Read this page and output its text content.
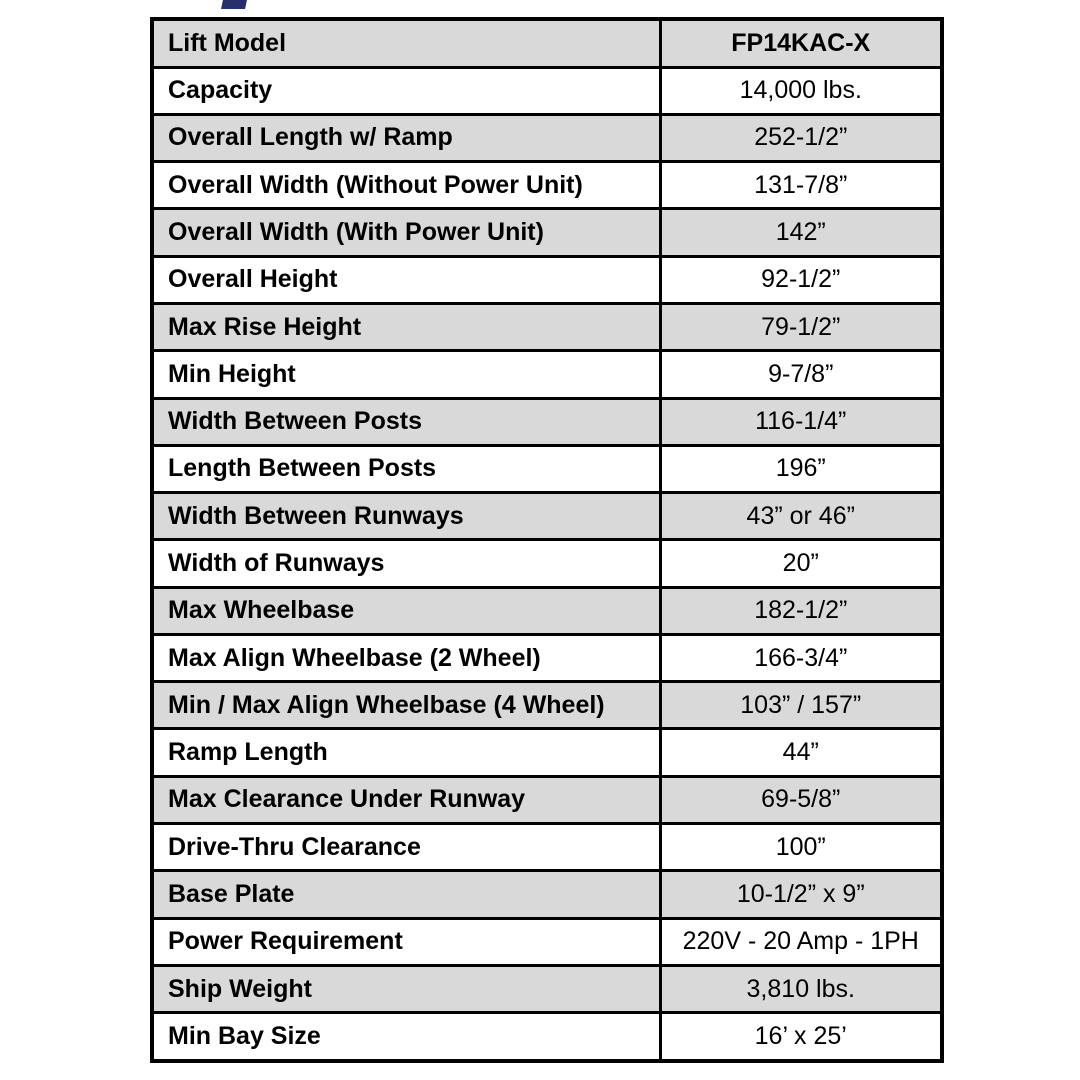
Lift Model	FP14KAC-X
Capacity	14,000 lbs.
Overall Length w/ Ramp	252-1/2”
Overall Width (Without Power Unit)	131-7/8”
Overall Width (With Power Unit)	142”
Overall Height	92-1/2”
Max Rise Height	79-1/2”
Min Height	9-7/8”
Width Between Posts	116-1/4”
Length Between Posts	196”
Width Between Runways	43” or 46”
Width of Runways	20”
Max Wheelbase	182-1/2”
Max Align Wheelbase (2 Wheel)	166-3/4”
Min / Max Align Wheelbase (4 Wheel)	103” / 157”
Ramp Length	44”
Max Clearance Under Runway	69-5/8”
Drive-Thru Clearance	100”
Base Plate	10-1/2” x 9”
Power Requirement	220V - 20 Amp - 1PH
Ship Weight	3,810 lbs.
Min Bay Size	16’ x 25’
